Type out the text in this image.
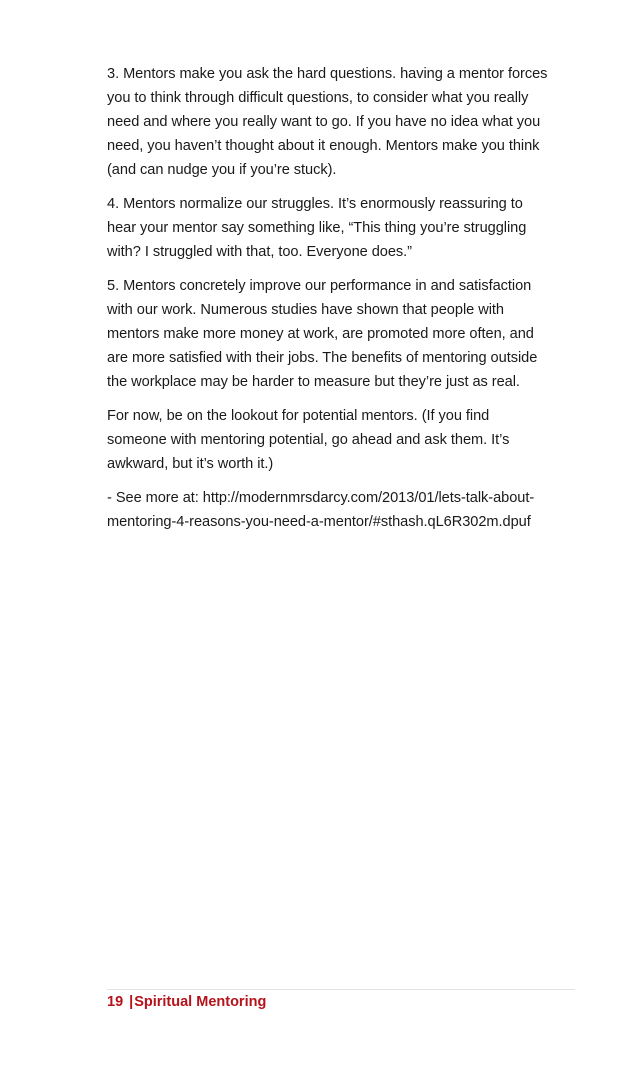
3. Mentors make you ask the hard questions. having a mentor forces
you to think through difficult questions, to consider what you really
need and where you really want to go. If you have no idea what you
need, you haven’t thought about it enough. Mentors make you think
(and can nudge you if you’re stuck).

4. Mentors normalize our struggles. It’s enormously reassuring to
hear your mentor say something like, “This thing you’re struggling
with? I struggled with that, too. Everyone does.”

5. Mentors concretely improve our performance in and satisfaction
with our work. Numerous studies have shown that people with
mentors make more money at work, are promoted more often, and
are more satisfied with their jobs. The benefits of mentoring outside
the workplace may be harder to measure but they’re just as real.

For now, be on the lookout for potential mentors. (If you find
someone with mentoring potential, go ahead and ask them. It’s
awkward, but it’s worth it.)

- See more at: http://modernmrsdarcy.com/2013/01/lets-talk-about-
mentoring-4-reasons-you-need-a-mentor/#sthash.qL6R302m.dpuf

19 |Spiritual Mentoring
